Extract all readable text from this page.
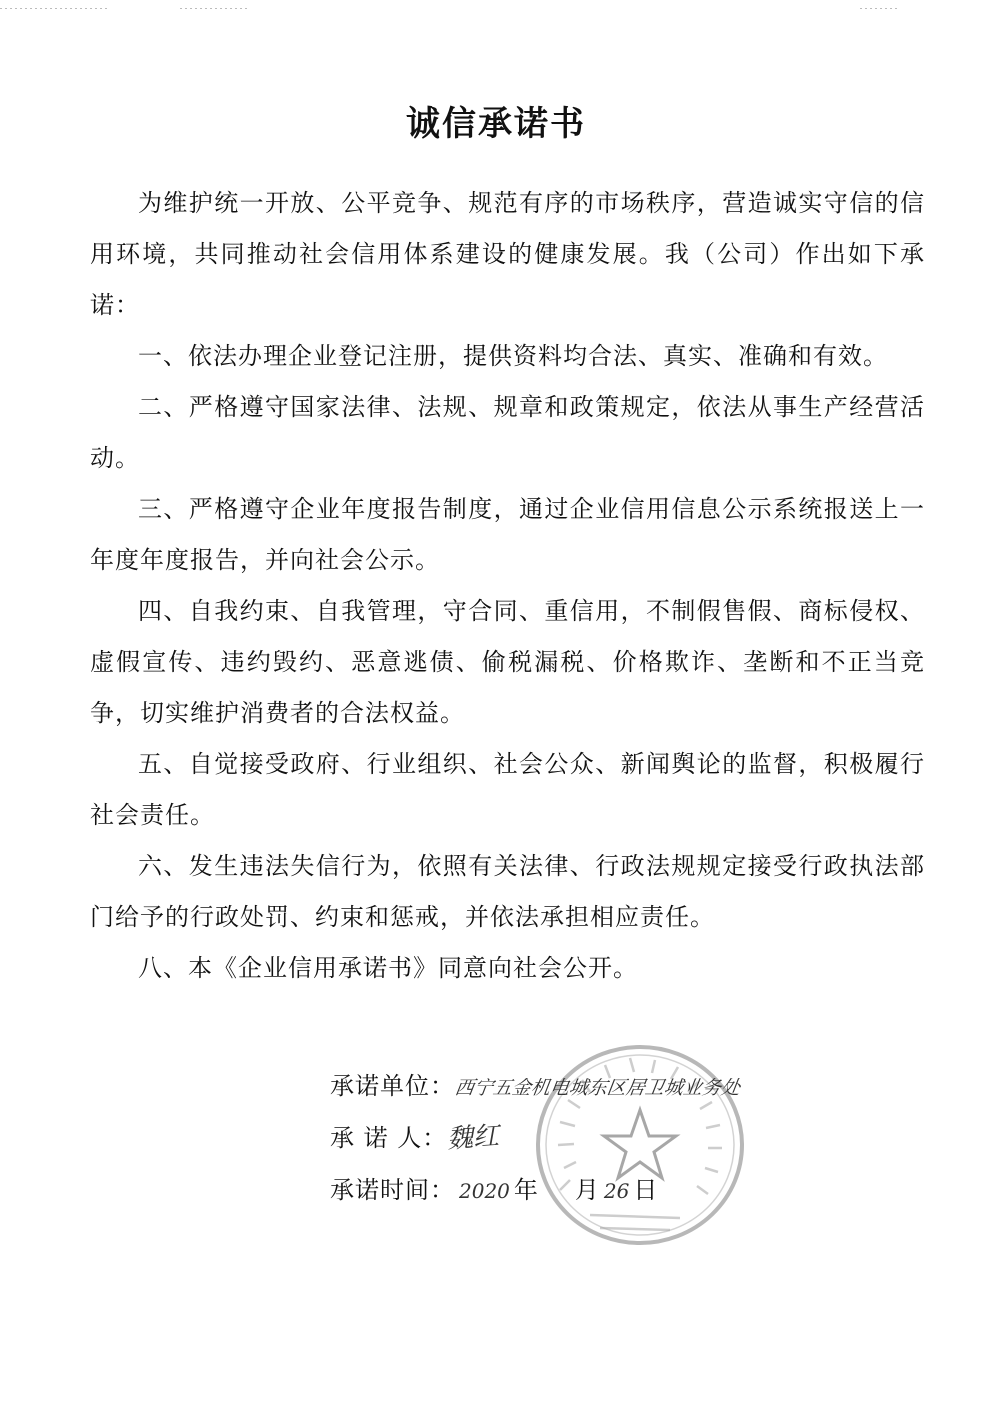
诚信承诺书

为维护统一开放、公平竞争、规范有序的市场秩序，营造诚实守信的信用环境，共同推动社会信用体系建设的健康发展。我（公司）作出如下承诺：

一、依法办理企业登记注册，提供资料均合法、真实、准确和有效。

二、严格遵守国家法律、法规、规章和政策规定，依法从事生产经营活动。

三、严格遵守企业年度报告制度，通过企业信用信息公示系统报送上一年度年度报告，并向社会公示。

四、自我约束、自我管理，守合同、重信用，不制假售假、商标侵权、虚假宣传、违约毁约、恶意逃债、偷税漏税、价格欺诈、垄断和不正当竞争，切实维护消费者的合法权益。

五、自觉接受政府、行业组织、社会公众、新闻舆论的监督，积极履行社会责任。

六、发生违法失信行为，依照有关法律、行政法规规定接受行政执法部门给予的行政处罚、约束和惩戒，并依法承担相应责任。

八、本《企业信用承诺书》同意向社会公开。

承诺单位：西宁五金机电城东区居卫城业务处
承 诺 人：魏红
承诺时间： 2020 年 月 26 日
